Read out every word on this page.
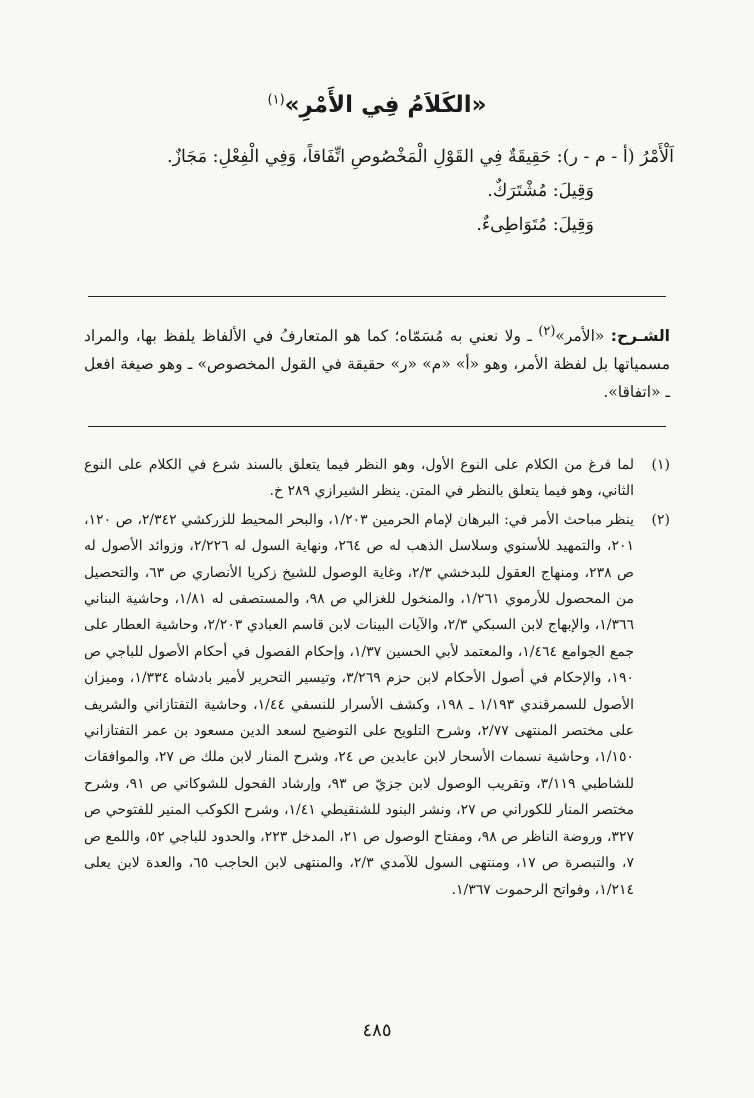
«الكَلاَمُ فِي الأَمْرِ»$^{(١)}$

اَلْأَمْرُ (أ - م - ر): حَقِيقَةٌ فِي القَوْلِ الْمَخْصُوصِ اتِّفَاقاً، وَفِي الْفِعْلِ: مَجَازٌ.

وَقِيلَ: مُشْتَرَكٌ.

وَقِيلَ: مُتَوَاطِىءٌ.

الشـرح: «الأمر»$^{(٢)}$ ـ ولا نعني به مُسَمّاه؛ كما هو المتعارفُ في الألفاظ يلفظ بها، والمراد مسمياتها بل لفظة الأمر، وهو «أ» «م» «ر» حقيقة في القول المخصوص» ـ وهو صيغة افعل ـ «اتفاقا».
(١)
لما فرغ من الكلام على النوع الأول، وهو النظر فيما يتعلق بالسند شرع في الكلام على النوع الثاني، وهو فيما يتعلق بالنظر في المتن. ينظر الشيرازي ٢٨٩ خ.
(٢)
ينظر مباحث الأمر في: البرهان لإمام الحرمين ١/٢٠٣، والبحر المحيط للزركشي ٢/٣٤٢، ص ١٢٠، ٢٠١، والتمهيد للأسنوي وسلاسل الذهب له ص ٢٦٤، ونهاية السول له ٢/٢٢٦، وزوائد الأصول له ص ٢٣٨، ومنهاج العقول للبدخشي ٢/٣، وغاية الوصول للشيخ زكريا الأنصاري ص ٦٣، والتحصيل من المحصول للأرموي ١/٢٦١، والمنخول للغزالي ص ٩٨، والمستصفى له ١/٨١، وحاشية البناني ١/٣٦٦، والإبهاج لابن السبكي ٢/٣، والآيات البينات لابن قاسم العبادي ٢/٢٠٣، وحاشية العطار على جمع الجوامع ١/٤٦٤، والمعتمد لأبي الحسين ١/٣٧، وإحكام الفصول في أحكام الأصول للباجي ص ١٩٠، والإحكام في أصول الأحكام لابن حزم ٣/٢٦٩، وتيسير التحرير لأمير بادشاه ١/٣٣٤، وميزان الأصول للسمرقندي ١/١٩٣ ـ ١٩٨، وكشف الأسرار للنسفي ١/٤٤، وحاشية التفتازاني والشريف على مختصر المنتهى ٢/٧٧، وشرح التلويح على التوضيح لسعد الدين مسعود بن عمر التفتازاني ١/١٥٠، وحاشية نسمات الأسحار لابن عابدين ص ٢٤، وشرح المنار لابن ملك ص ٢٧، والموافقات للشاطبي ٣/١١٩، وتقريب الوصول لابن جزيّ ص ٩٣، وإرشاد الفحول للشوكاني ص ٩١، وشرح مختصر المنار للكوراني ص ٢٧، ونشر البنود للشنقيطي ١/٤١، وشرح الكوكب المنير للفتوحي ص ٣٢٧، وروضة الناظر ص ٩٨، ومفتاح الوصول ص ٢١، المدخل ٢٢٣، والحدود للباجي ٥٢، واللمع ص ٧، والتبصرة ص ١٧، ومنتهى السول للآمدي ٢/٣، والمنتهى لابن الحاجب ٦٥، والعدة لابن يعلى ١/٢١٤، وفواتح الرحموت ١/٣٦٧.
٤٨٥
